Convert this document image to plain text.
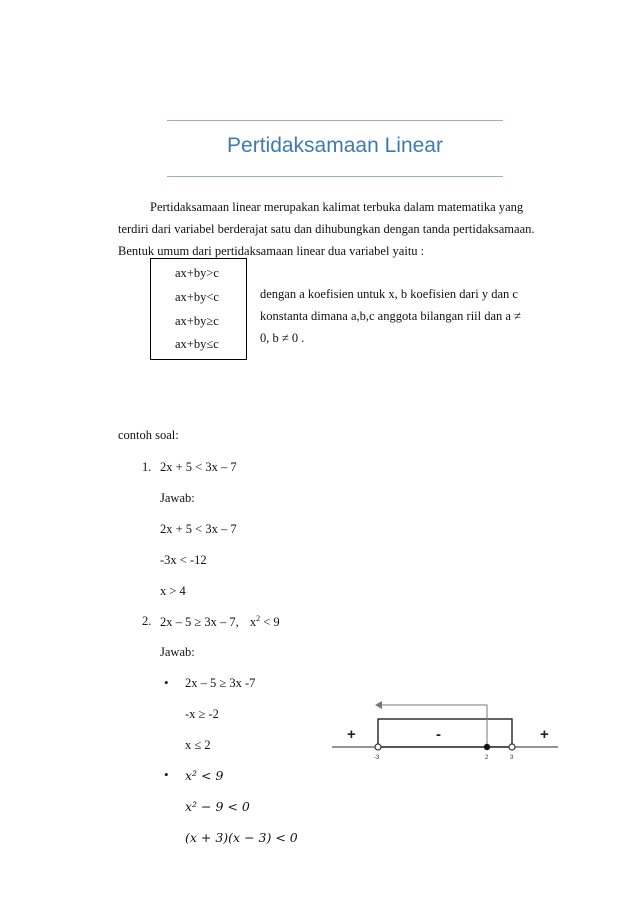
Pertidaksamaan Linear

Pertidaksamaan linear merupakan kalimat terbuka dalam matematika yang

terdiri dari variabel berderajat satu dan dihubungkan dengan tanda pertidaksamaan.

Bentuk umum dari pertidaksamaan linear dua variabel yaitu :

ax+by>c
ax+by<c
ax+by≥c
ax+by≤c

dengan a koefisien untuk x, b koefisien dari y dan c

konstanta dimana a,b,c anggota bilangan riil dan a ≠

0, b ≠ 0 .

contoh soal:
1. 2x + 5 < 3x – 7
Jawab:
2x + 5 < 3x – 7
-3x < -12
x > 4
2. 2x – 5 ≥ 3x – 7, $x^2 < 9$
Jawab:
• 2x – 5 ≥ 3x -7
-x ≥ -2
x ≤ 2
• x² < 9
x² − 9 < 0
(x + 3)(x − 3) < 0
+	-	+
-3	2	3
